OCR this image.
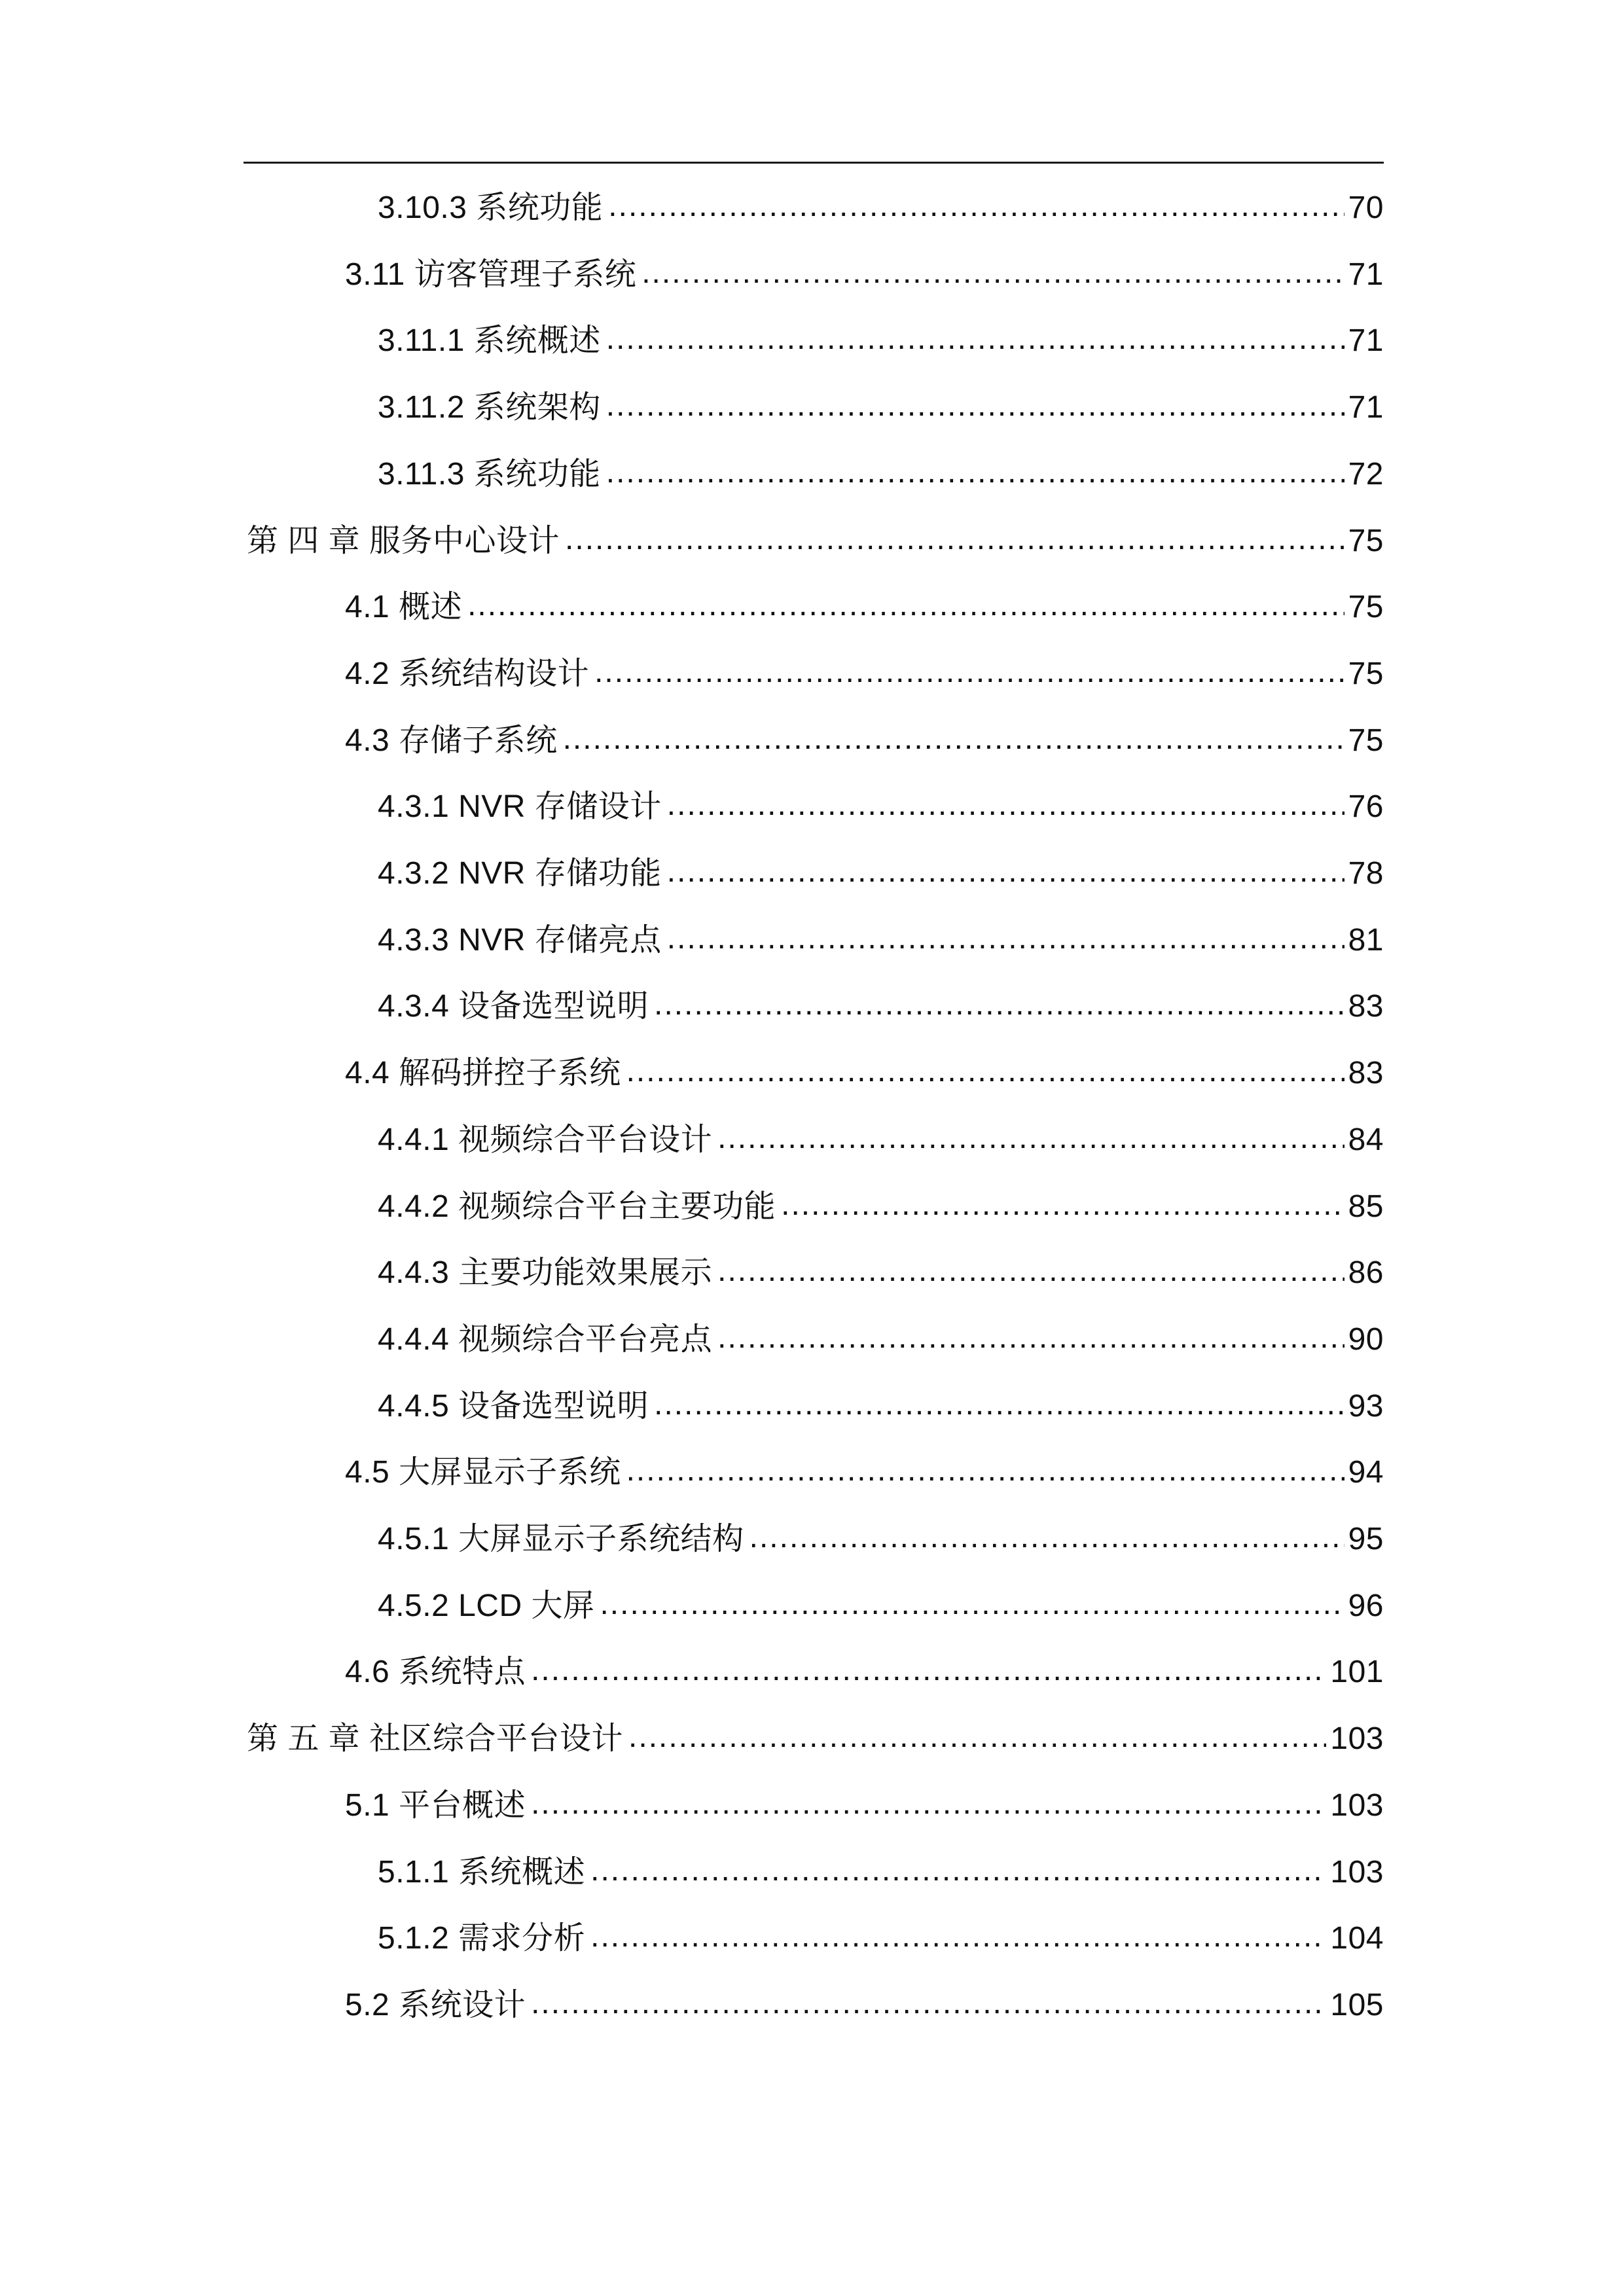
3.10.3 系统功能 .....	70
3.11 访客管理子系统 .....	71
3.11.1 系统概述 .....	71
3.11.2 系统架构 .....	71
3.11.3 系统功能 .....	72
第 四 章 服务中心设计 .....	75
4.1 概述 .....	75
4.2 系统结构设计 .....	75
4.3 存储子系统 .....	75
4.3.1 NVR 存储设计 .....	76
4.3.2 NVR 存储功能 .....	78
4.3.3 NVR 存储亮点 .....	81
4.3.4 设备选型说明 .....	83
4.4 解码拼控子系统 .....	83
4.4.1 视频综合平台设计 .....	84
4.4.2 视频综合平台主要功能 .....	85
4.4.3 主要功能效果展示 .....	86
4.4.4 视频综合平台亮点 .....	90
4.4.5 设备选型说明 .....	93
4.5 大屏显示子系统 .....	94
4.5.1 大屏显示子系统结构 .....	95
4.5.2 LCD 大屏 .....	96
4.6 系统特点 .....	101
第 五 章 社区综合平台设计 .....	103
5.1 平台概述 .....	103
5.1.1 系统概述 .....	103
5.1.2 需求分析 .....	104
5.2 系统设计 .....	105
